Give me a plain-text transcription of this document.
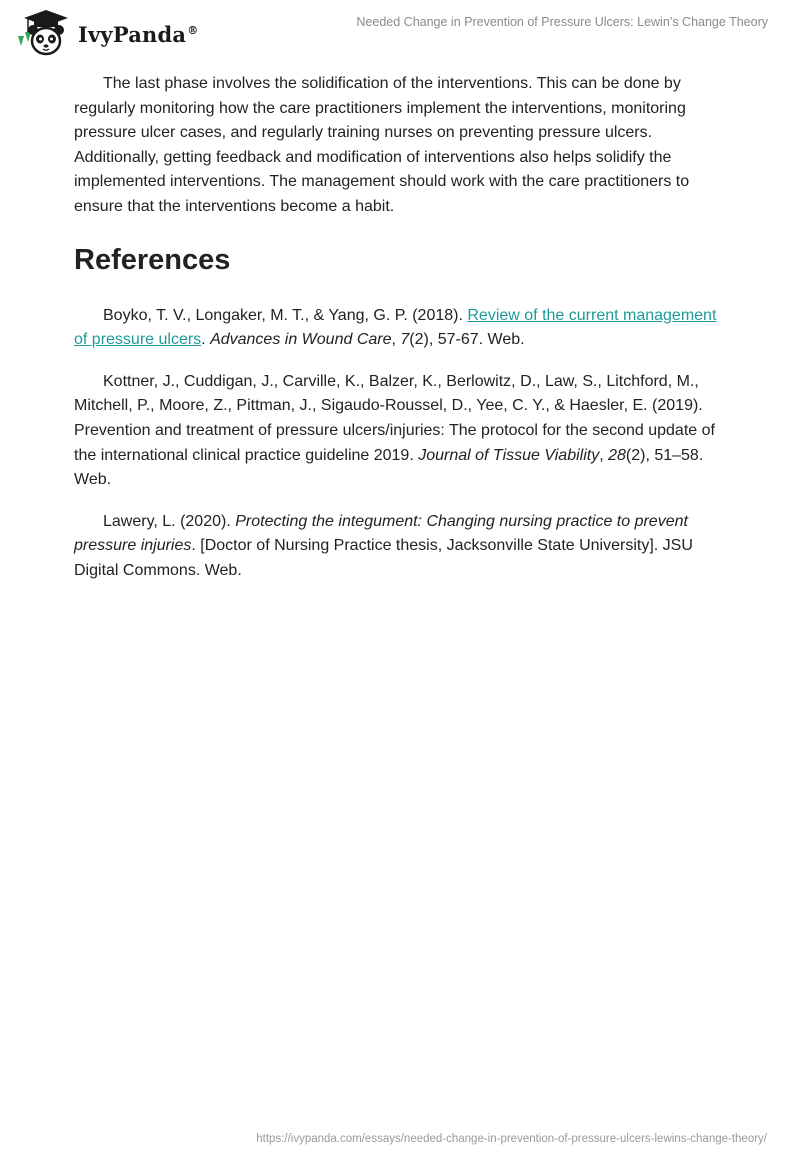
IvyPanda®
Needed Change in Prevention of Pressure Ulcers: Lewin’s Change Theory

The last phase involves the solidification of the interventions. This can be done by regularly monitoring how the care practitioners implement the interventions, monitoring pressure ulcer cases, and regularly training nurses on preventing pressure ulcers. Additionally, getting feedback and modification of interventions also helps solidify the implemented interventions. The management should work with the care practitioners to ensure that the interventions become a habit.

References

Boyko, T. V., Longaker, M. T., & Yang, G. P. (2018). Review of the current management of pressure ulcers. Advances in Wound Care, 7(2), 57-67. Web.

Kottner, J., Cuddigan, J., Carville, K., Balzer, K., Berlowitz, D., Law, S., Litchford, M., Mitchell, P., Moore, Z., Pittman, J., Sigaudo-Roussel, D., Yee, C. Y., & Haesler, E. (2019). Prevention and treatment of pressure ulcers/injuries: The protocol for the second update of the international clinical practice guideline 2019. Journal of Tissue Viability, 28(2), 51–58. Web.

Lawery, L. (2020). Protecting the integument: Changing nursing practice to prevent pressure injuries. [Doctor of Nursing Practice thesis, Jacksonville State University]. JSU Digital Commons. Web.

https://ivypanda.com/essays/needed-change-in-prevention-of-pressure-ulcers-lewins-change-theory/
